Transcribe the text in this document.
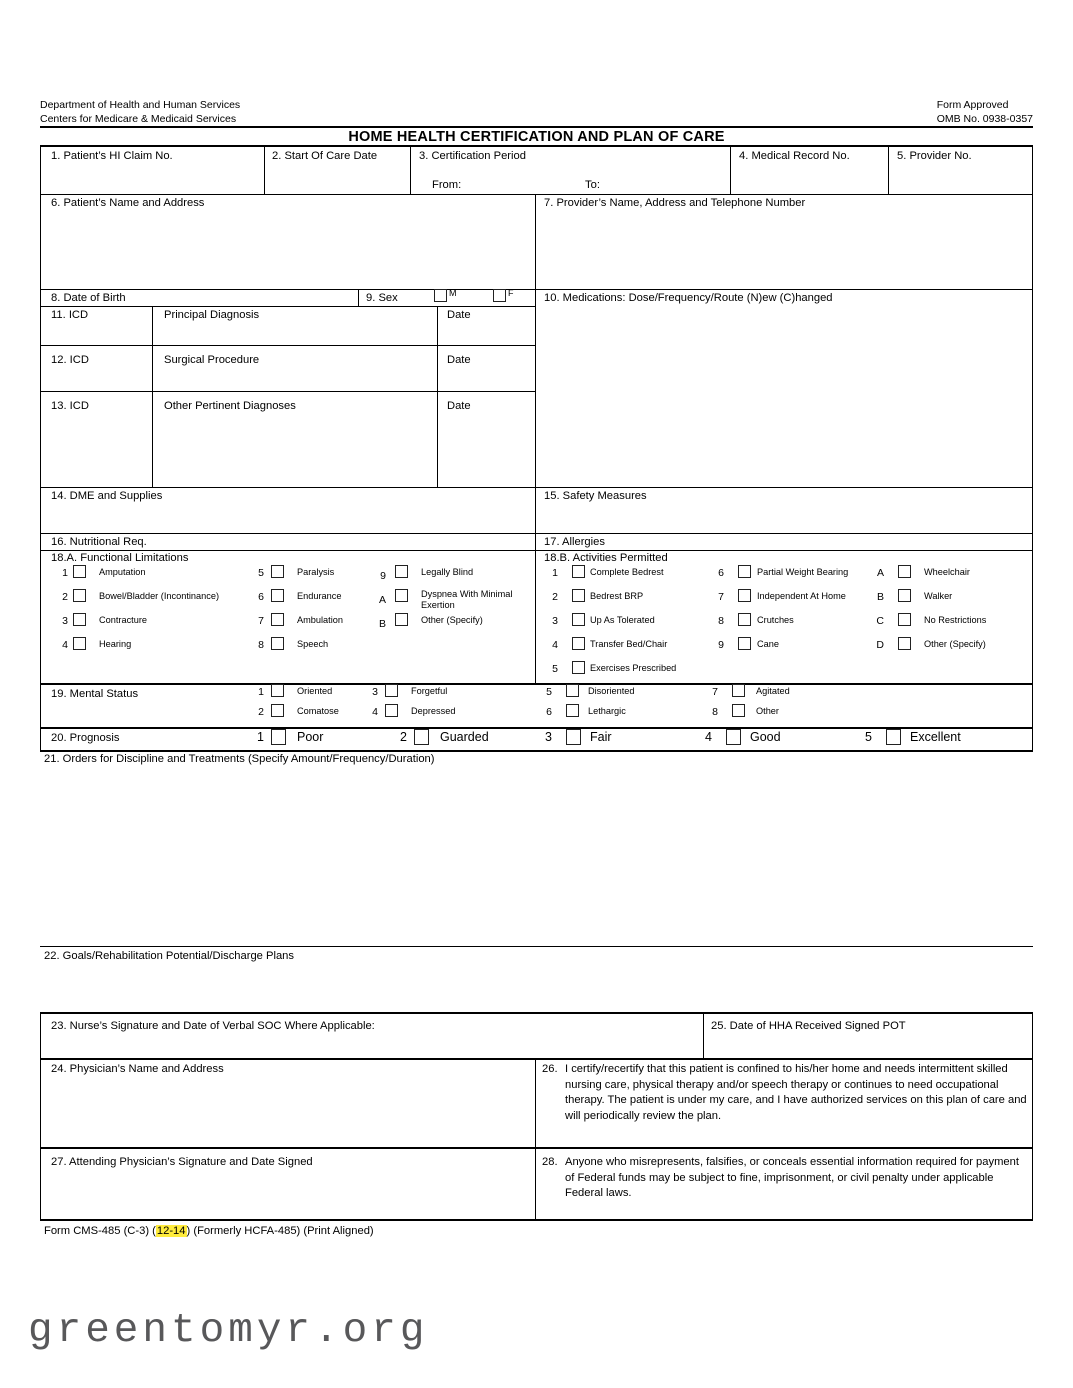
Department of Health and Human Services
Centers for Medicare & Medicaid Services
Form Approved
OMB No. 0938-0357
HOME HEALTH CERTIFICATION AND PLAN OF CARE
1. Patient’s HI Claim No.	2. Start Of Care Date	3. Certification Period
From:	To:
4. Medical Record No.	5. Provider No.
6. Patient’s Name and Address	7. Provider’s Name, Address and Telephone Number
8. Date of Birth	9. Sex	M	F	10. Medications: Dose/Frequency/Route (N)ew (C)hanged
11. ICD	Principal Diagnosis	Date
12. ICD	Surgical Procedure	Date
13. ICD	Other Pertinent Diagnoses	Date
14. DME and Supplies	15. Safety Measures
16. Nutritional Req.	17. Allergies
18.A. Functional Limitations	18.B. Activities Permitted
1	Amputation
2	Bowel/Bladder (Incontinance)
3	Contracture
4	Hearing
5	Paralysis
6	Endurance
7	Ambulation
8	Speech
9	Legally Blind
A	Dyspnea With Minimal Exertion
B	Other (Specify)
1	Complete Bedrest
2	Bedrest BRP
3	Up As Tolerated
4	Transfer Bed/Chair
5	Exercises Prescribed
6	Partial Weight Bearing
7	Independent At Home
8	Crutches
9	Cane
A	Wheelchair
B	Walker
C	No Restrictions
D	Other (Specify)
19. Mental Status	1	Oriented	3	Forgetful	5	Disoriented	7	Agitated
2	Comatose	4	Depressed	6	Lethargic	8	Other
20. Prognosis	1	Poor	2	Guarded	3	Fair	4	Good	5	Excellent
21. Orders for Discipline and Treatments (Specify Amount/Frequency/Duration)
22. Goals/Rehabilitation Potential/Discharge Plans
23. Nurse’s Signature and Date of Verbal SOC Where Applicable:	25. Date of HHA Received Signed POT
24. Physician’s Name and Address	26. I certify/recertify that this patient is confined to his/her home and needs intermittent skilled nursing care, physical therapy and/or speech therapy or continues to need occupational therapy. The patient is under my care, and I have authorized services on this plan of care and will periodically review the plan.
27. Attending Physician’s Signature and Date Signed	28. Anyone who misrepresents, falsifies, or conceals essential information required for payment of Federal funds may be subject to fine, imprisonment, or civil penalty under applicable Federal laws.
Form CMS-485 (C-3) (12-14) (Formerly HCFA-485) (Print Aligned)
greentomyr.org
